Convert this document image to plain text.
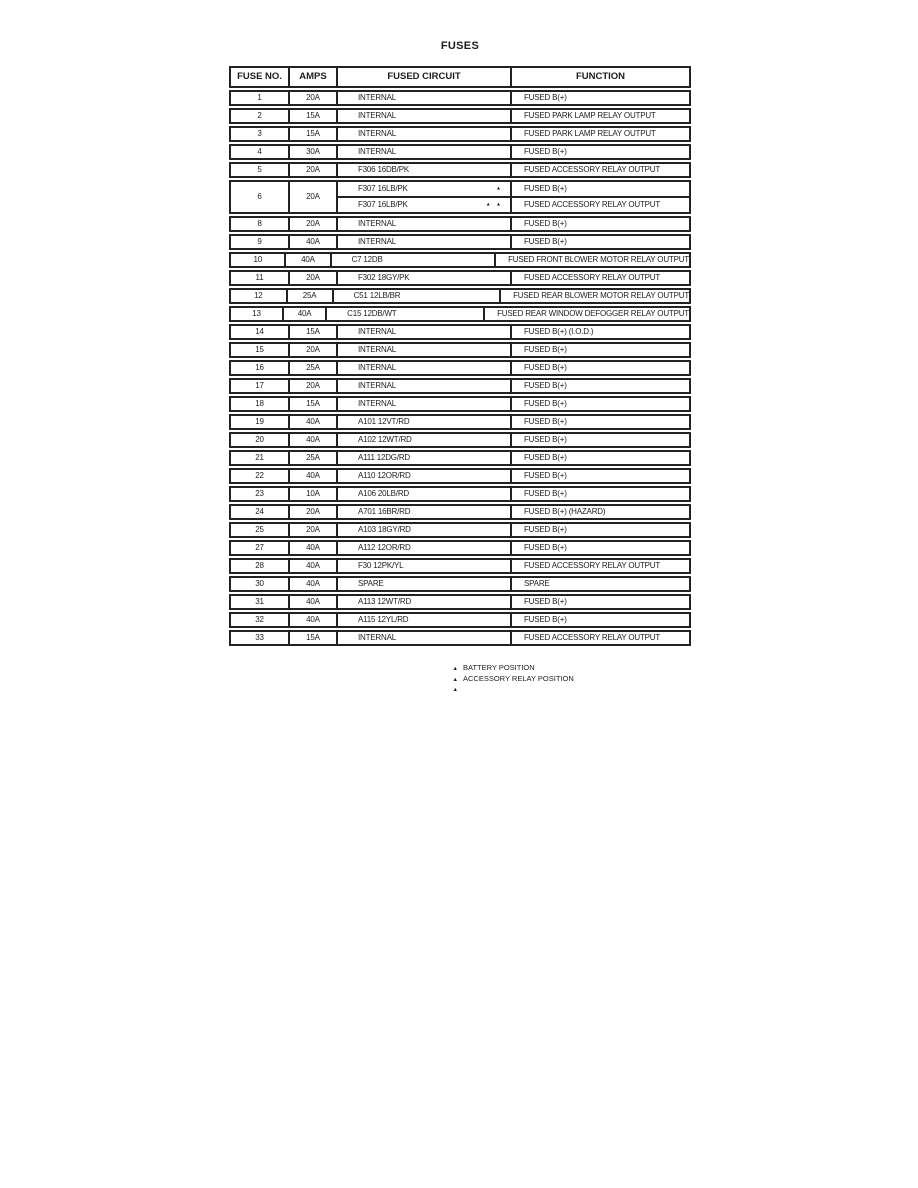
FUSES
FUSE NO.	AMPS	FUSED CIRCUIT	FUNCTION
1	20A	INTERNAL	FUSED B(+)
2	15A	INTERNAL	FUSED PARK LAMP RELAY OUTPUT
3	15A	INTERNAL	FUSED PARK LAMP RELAY OUTPUT
4	30A	INTERNAL	FUSED B(+)
5	20A	F306 16DB/PK	FUSED ACCESSORY RELAY OUTPUT
6	20A
F307 16LB/PK	▲	FUSED B(+)
F307 16LB/PK	▲ ▲	FUSED ACCESSORY RELAY OUTPUT
8	20A	INTERNAL	FUSED B(+)
9	40A	INTERNAL	FUSED B(+)
10	40A	C7 12DB	FUSED FRONT BLOWER MOTOR RELAY OUTPUT
11	20A	F302 18GY/PK	FUSED ACCESSORY RELAY OUTPUT
12	25A	C51 12LB/BR	FUSED REAR BLOWER MOTOR RELAY OUTPUT
13	40A	C15 12DB/WT	FUSED REAR WINDOW DEFOGGER RELAY OUTPUT
14	15A	INTERNAL	FUSED B(+) (I.O.D.)
15	20A	INTERNAL	FUSED B(+)
16	25A	INTERNAL	FUSED B(+)
17	20A	INTERNAL	FUSED B(+)
18	15A	INTERNAL	FUSED B(+)
19	40A	A101 12VT/RD	FUSED B(+)
20	40A	A102 12WT/RD	FUSED B(+)
21	25A	A111 12DG/RD	FUSED B(+)
22	40A	A110 12OR/RD	FUSED B(+)
23	10A	A106 20LB/RD	FUSED B(+)
24	20A	A701 16BR/RD	FUSED B(+) (HAZARD)
25	20A	A103 18GY/RD	FUSED B(+)
27	40A	A112 12OR/RD	FUSED B(+)
28	40A	F30 12PK/YL	FUSED ACCESSORY RELAY OUTPUT
30	40A	SPARE	SPARE
31	40A	A113 12WT/RD	FUSED B(+)
32	40A	A115 12YL/RD	FUSED B(+)
33	15A	INTERNAL	FUSED ACCESSORY RELAY OUTPUT
▲ BATTERY POSITION
▲ ▲
ACCESSORY RELAY POSITION
